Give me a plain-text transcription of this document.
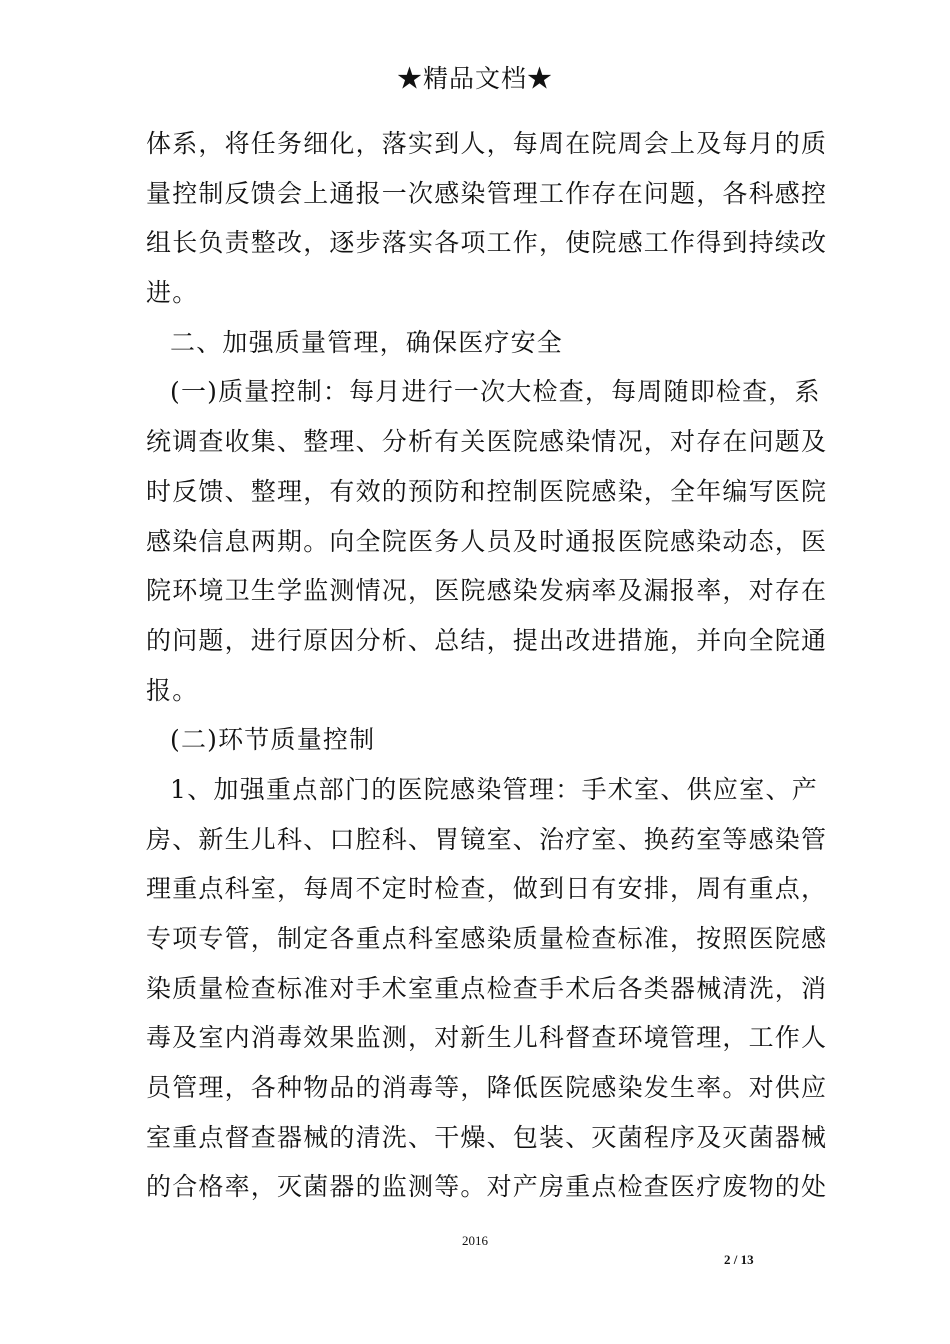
★精品文档★
体系，将任务细化，落实到人，每周在院周会上及每月的质
量控制反馈会上通报一次感染管理工作存在问题，各科感控
组长负责整改，逐步落实各项工作，使院感工作得到持续改
进。
二、加强质量管理，确保医疗安全
(一)质量控制：每月进行一次大检查，每周随即检查，系
统调查收集、整理、分析有关医院感染情况，对存在问题及
时反馈、整理，有效的预防和控制医院感染，全年编写医院
感染信息两期。向全院医务人员及时通报医院感染动态，医
院环境卫生学监测情况，医院感染发病率及漏报率，对存在
的问题，进行原因分析、总结，提出改进措施，并向全院通
报。
(二)环节质量控制
1、加强重点部门的医院感染管理：手术室、供应室、产
房、新生儿科、口腔科、胃镜室、治疗室、换药室等感染管
理重点科室，每周不定时检查，做到日有安排，周有重点，
专项专管，制定各重点科室感染质量检查标准，按照医院感
染质量检查标准对手术室重点检查手术后各类器械清洗，消
毒及室内消毒效果监测，对新生儿科督查环境管理，工作人
员管理，各种物品的消毒等，降低医院感染发生率。对供应
室重点督查器械的清洗、干燥、包装、灭菌程序及灭菌器械
的合格率，灭菌器的监测等。对产房重点检查医疗废物的处
2016
2 / 13
